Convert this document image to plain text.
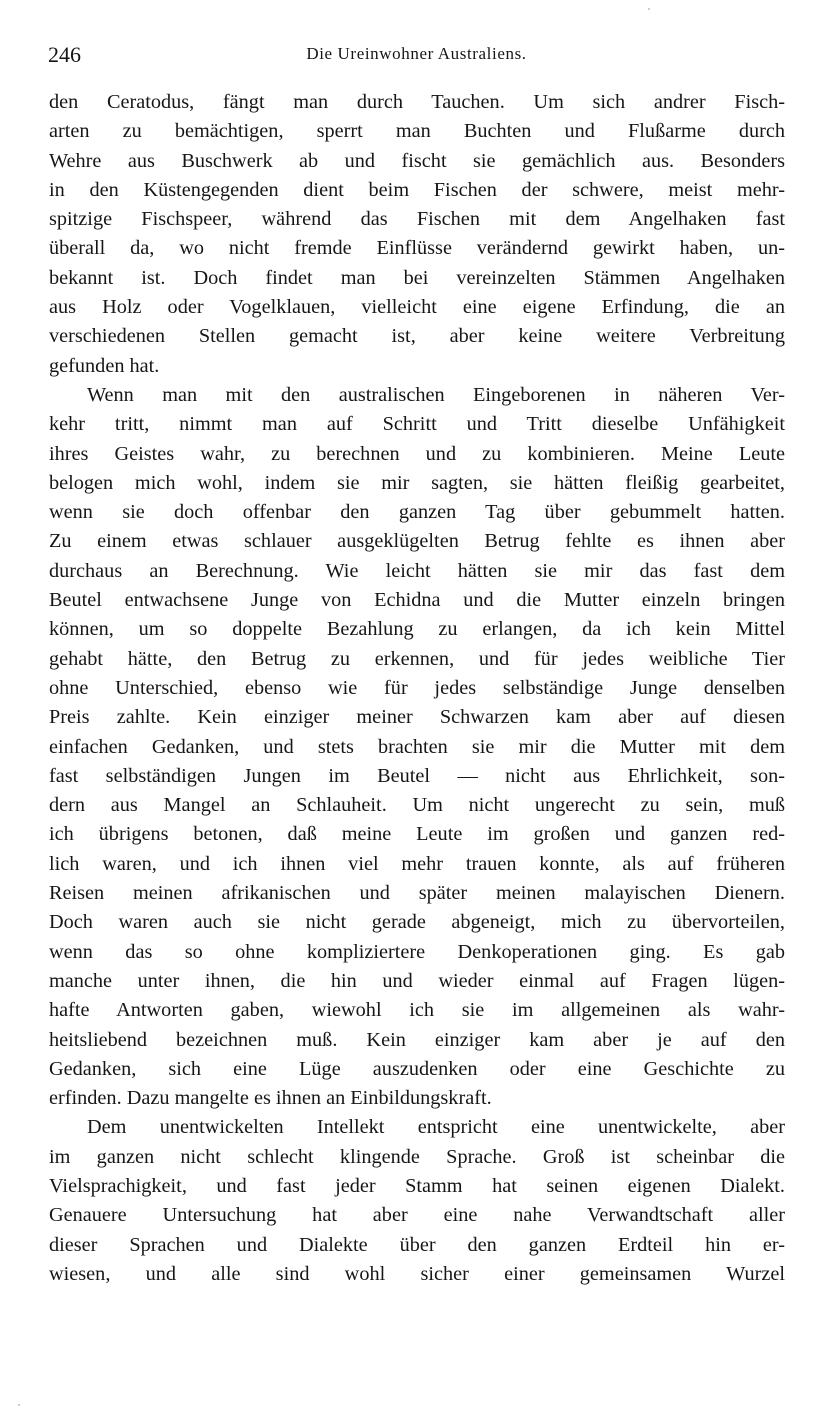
246	Die Ureinwohner Australiens.
den Ceratodus, fängt man durch Tauchen. Um sich andrer Fisch-
arten zu bemächtigen, sperrt man Buchten und Flußarme durch
Wehre aus Buschwerk ab und fischt sie gemächlich aus. Besonders
in den Küstengegenden dient beim Fischen der schwere, meist mehr-
spitzige Fischspeer, während das Fischen mit dem Angelhaken fast
überall da, wo nicht fremde Einflüsse verändernd gewirkt haben, un-
bekannt ist. Doch findet man bei vereinzelten Stämmen Angelhaken
aus Holz oder Vogelklauen, vielleicht eine eigene Erfindung, die an
verschiedenen Stellen gemacht ist, aber keine weitere Verbreitung
gefunden hat.
Wenn man mit den australischen Eingeborenen in näheren Ver-
kehr tritt, nimmt man auf Schritt und Tritt dieselbe Unfähigkeit
ihres Geistes wahr, zu berechnen und zu kombinieren. Meine Leute
belogen mich wohl, indem sie mir sagten, sie hätten fleißig gearbeitet,
wenn sie doch offenbar den ganzen Tag über gebummelt hatten.
Zu einem etwas schlauer ausgeklügelten Betrug fehlte es ihnen aber
durchaus an Berechnung. Wie leicht hätten sie mir das fast dem
Beutel entwachsene Junge von Echidna und die Mutter einzeln bringen
können, um so doppelte Bezahlung zu erlangen, da ich kein Mittel
gehabt hätte, den Betrug zu erkennen, und für jedes weibliche Tier
ohne Unterschied, ebenso wie für jedes selbständige Junge denselben
Preis zahlte. Kein einziger meiner Schwarzen kam aber auf diesen
einfachen Gedanken, und stets brachten sie mir die Mutter mit dem
fast selbständigen Jungen im Beutel — nicht aus Ehrlichkeit, son-
dern aus Mangel an Schlauheit. Um nicht ungerecht zu sein, muß
ich übrigens betonen, daß meine Leute im großen und ganzen red-
lich waren, und ich ihnen viel mehr trauen konnte, als auf früheren
Reisen meinen afrikanischen und später meinen malayischen Dienern.
Doch waren auch sie nicht gerade abgeneigt, mich zu übervorteilen,
wenn das so ohne kompliziertere Denkoperationen ging. Es gab
manche unter ihnen, die hin und wieder einmal auf Fragen lügen-
hafte Antworten gaben, wiewohl ich sie im allgemeinen als wahr-
heitsliebend bezeichnen muß. Kein einziger kam aber je auf den
Gedanken, sich eine Lüge auszudenken oder eine Geschichte zu
erfinden. Dazu mangelte es ihnen an Einbildungskraft.
Dem unentwickelten Intellekt entspricht eine unentwickelte, aber
im ganzen nicht schlecht klingende Sprache. Groß ist scheinbar die
Vielsprachigkeit, und fast jeder Stamm hat seinen eigenen Dialekt.
Genauere Untersuchung hat aber eine nahe Verwandtschaft aller
dieser Sprachen und Dialekte über den ganzen Erdteil hin er-
wiesen, und alle sind wohl sicher einer gemeinsamen Wurzel
